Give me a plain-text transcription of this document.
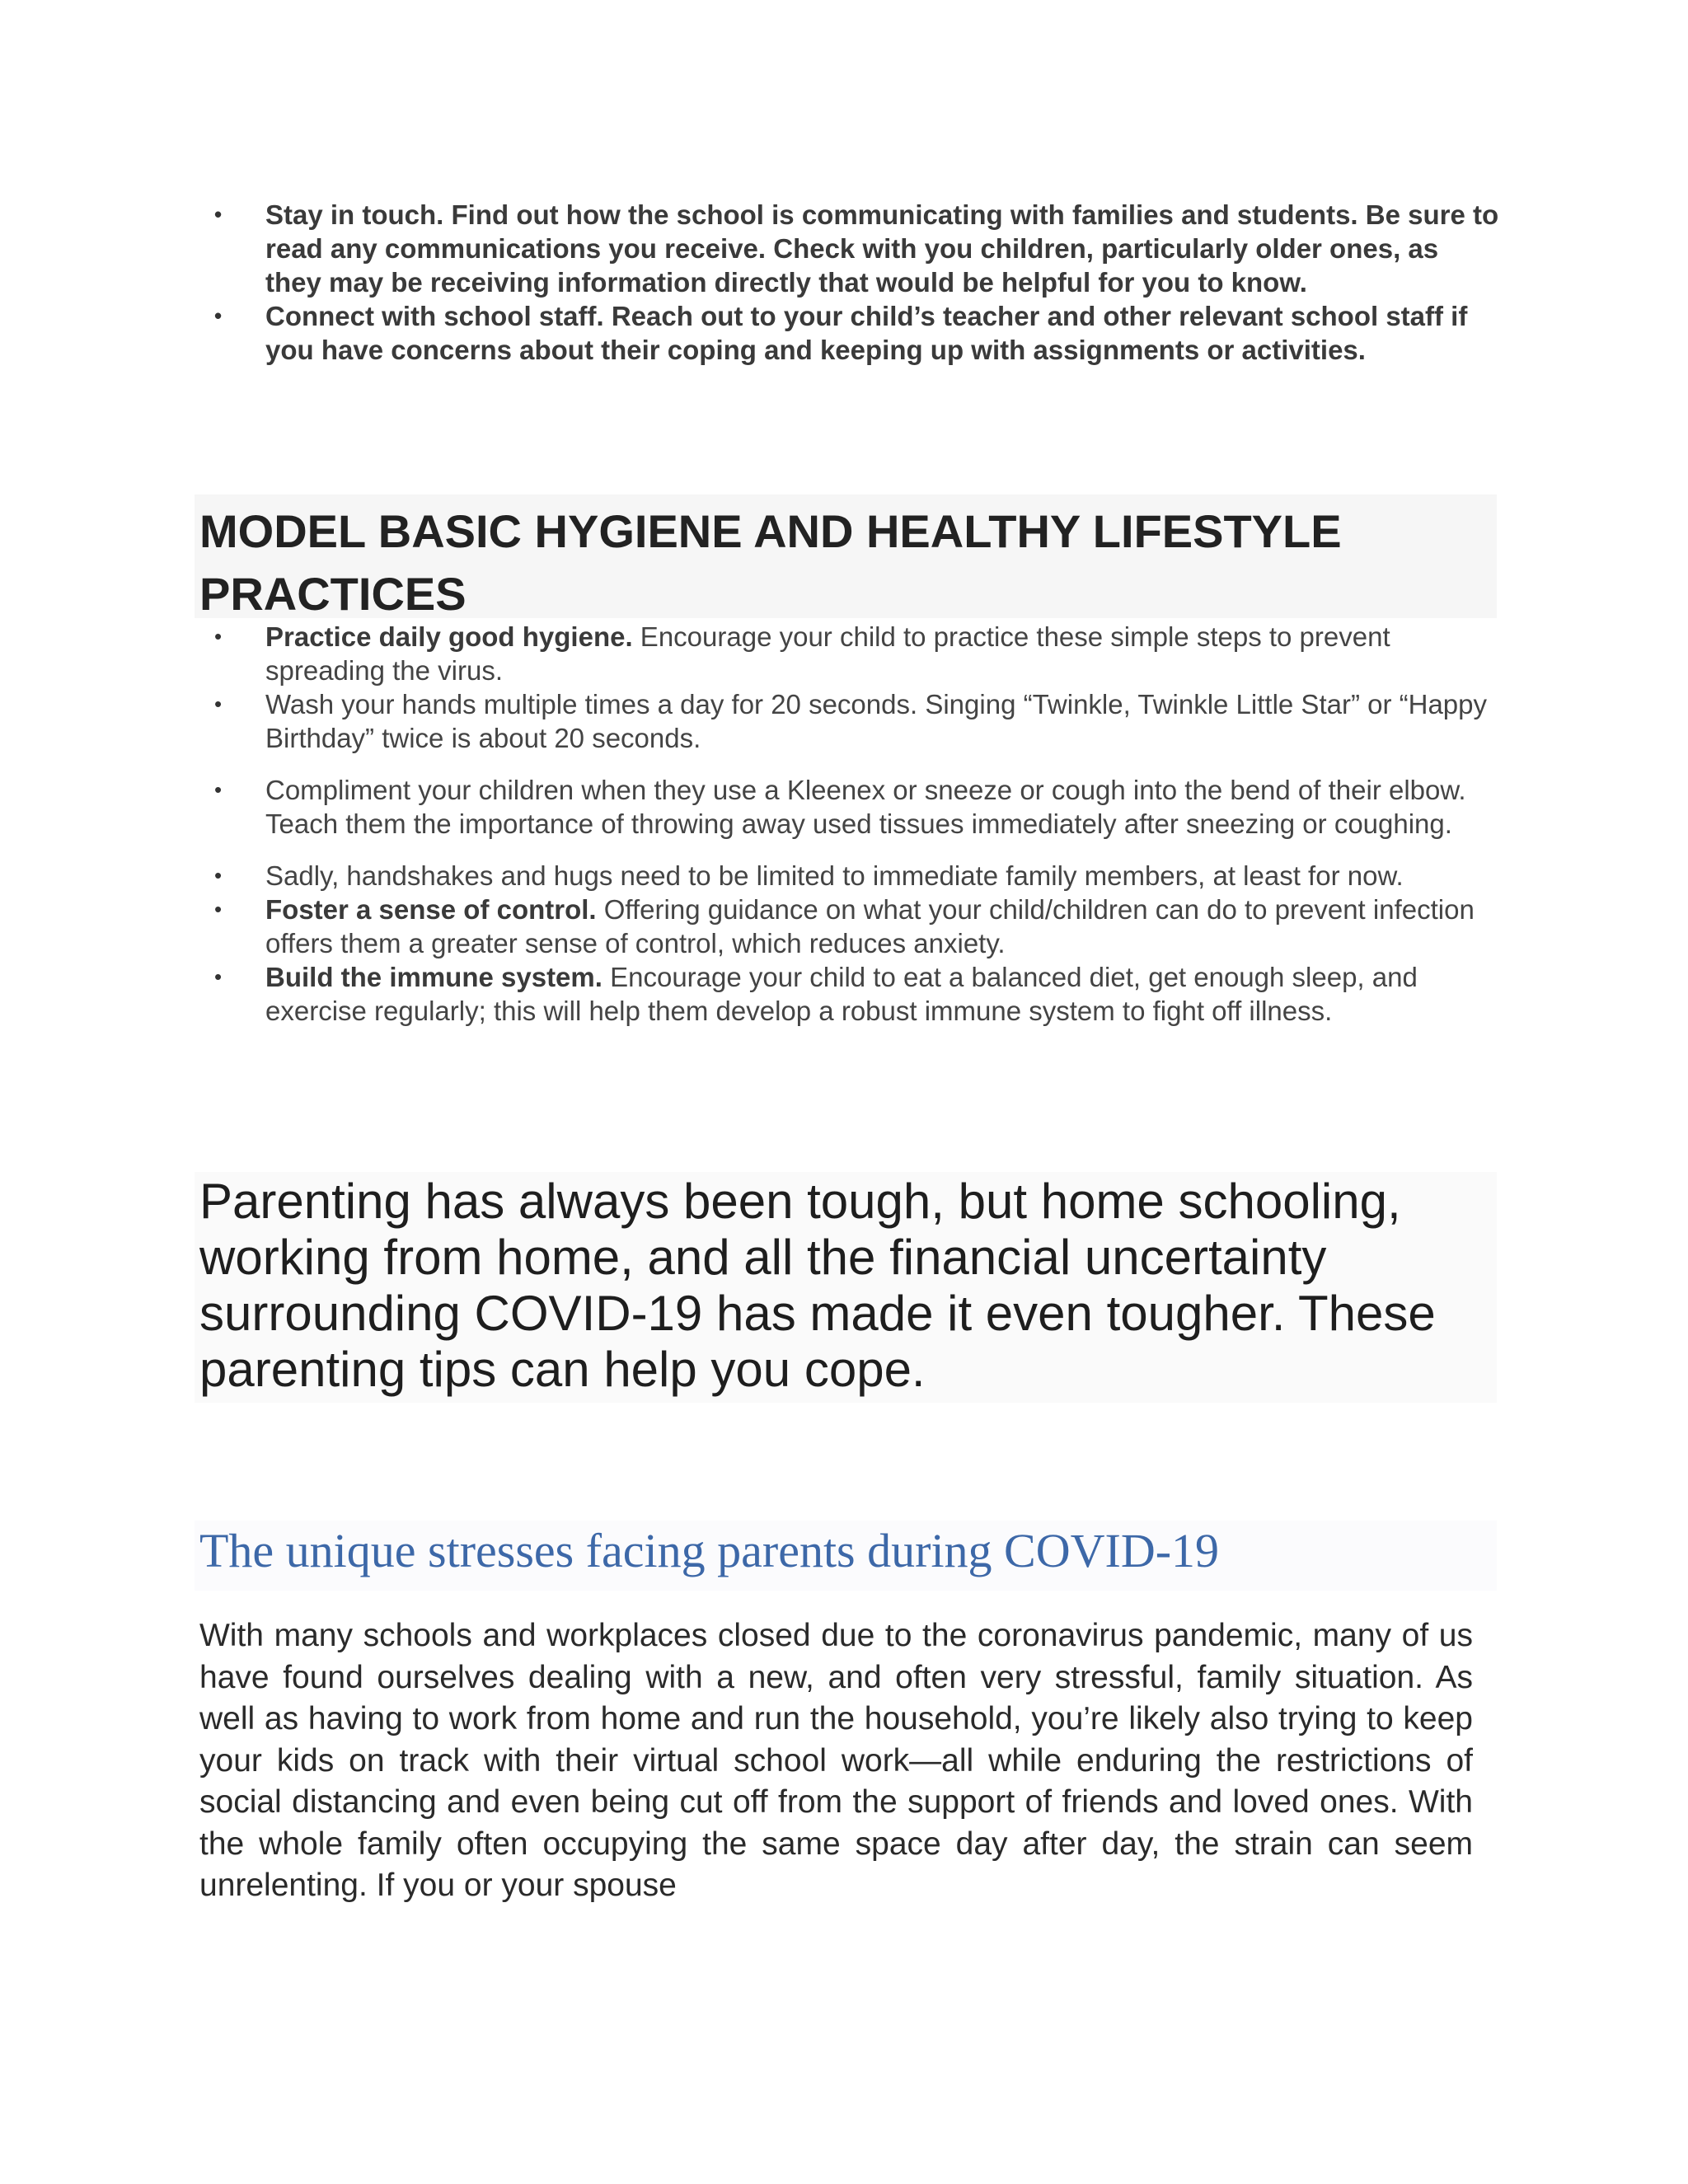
• Stay in touch. Find out how the school is communicating with families and students. Be sure to read any communications you receive. Check with you children, particularly older ones, as they may be receiving information directly that would be helpful for you to know.
• Connect with school staff. Reach out to your child’s teacher and other relevant school staff if you have concerns about their coping and keeping up with assignments or activities.
MODEL BASIC HYGIENE AND HEALTHY LIFESTYLE PRACTICES
• Practice daily good hygiene. Encourage your child to practice these simple steps to prevent spreading the virus.
• Wash your hands multiple times a day for 20 seconds. Singing “Twinkle, Twinkle Little Star” or “Happy Birthday” twice is about 20 seconds.
• Compliment your children when they use a Kleenex or sneeze or cough into the bend of their elbow. Teach them the importance of throwing away used tissues immediately after sneezing or coughing.
• Sadly, handshakes and hugs need to be limited to immediate family members, at least for now.
• Foster a sense of control. Offering guidance on what your child/children can do to prevent infection offers them a greater sense of control, which reduces anxiety.
• Build the immune system. Encourage your child to eat a balanced diet, get enough sleep, and exercise regularly; this will help them develop a robust immune system to fight off illness.

Parenting has always been tough, but home schooling, working from home, and all the financial uncertainty surrounding COVID-19 has made it even tougher. These parenting tips can help you cope.

The unique stresses facing parents during COVID-19

With many schools and workplaces closed due to the coronavirus pandemic, many of us have found ourselves dealing with a new, and often very stressful, family situation. As well as having to work from home and run the household, you’re likely also trying to keep your kids on track with their virtual school work—all while enduring the restrictions of social distancing and even being cut off from the support of friends and loved ones. With the whole family often occupying the same space day after day, the strain can seem unrelenting. If you or your spouse
